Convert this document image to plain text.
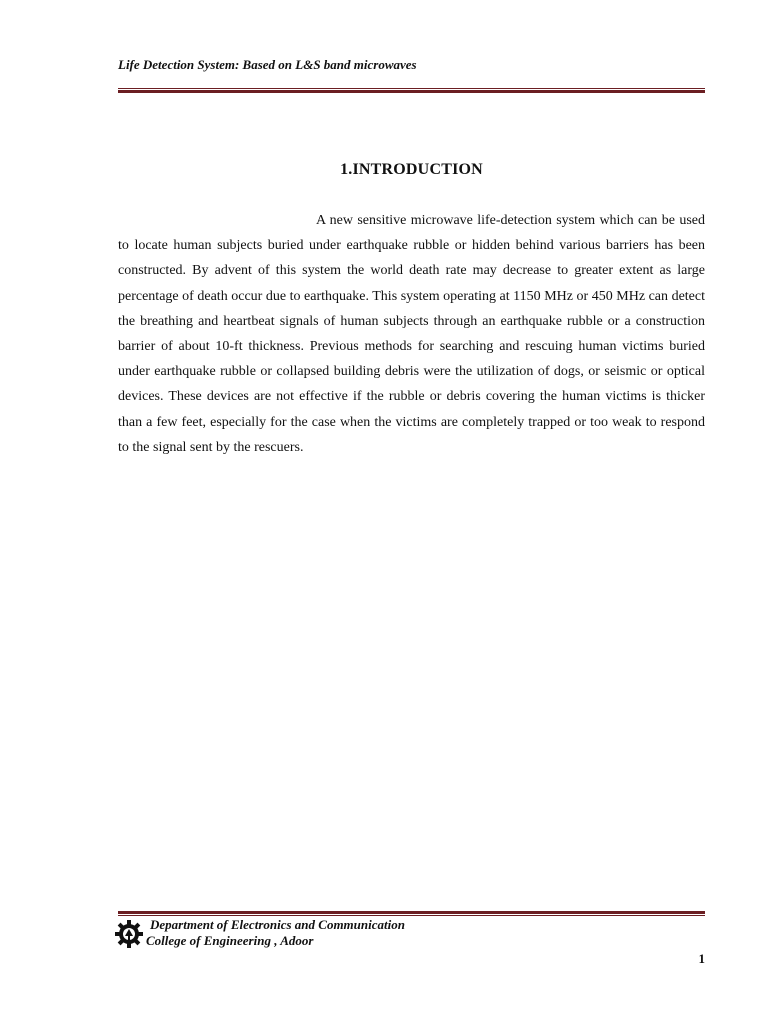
Life Detection System: Based on L&S band microwaves
1.INTRODUCTION

A new sensitive microwave life-detection system which can be used to locate human subjects buried under earthquake rubble or hidden behind various barriers has been constructed. By advent of this system the world death rate may decrease to greater extent as large percentage of death occur due to earthquake. This system operating at 1150 MHz or 450 MHz can detect the breathing and heartbeat signals of human subjects through an earthquake rubble or a construction barrier of about 10-ft thickness. Previous methods for searching and rescuing human victims buried under earthquake rubble or collapsed building debris were the utilization of dogs, or seismic or optical devices. These devices are not effective if the rubble or debris covering the human victims is thicker than a few feet, especially for the case when the victims are completely trapped or too weak to respond to the signal sent by the rescuers.

Department of Electronics and Communication
College of Engineering , Adoor
1
